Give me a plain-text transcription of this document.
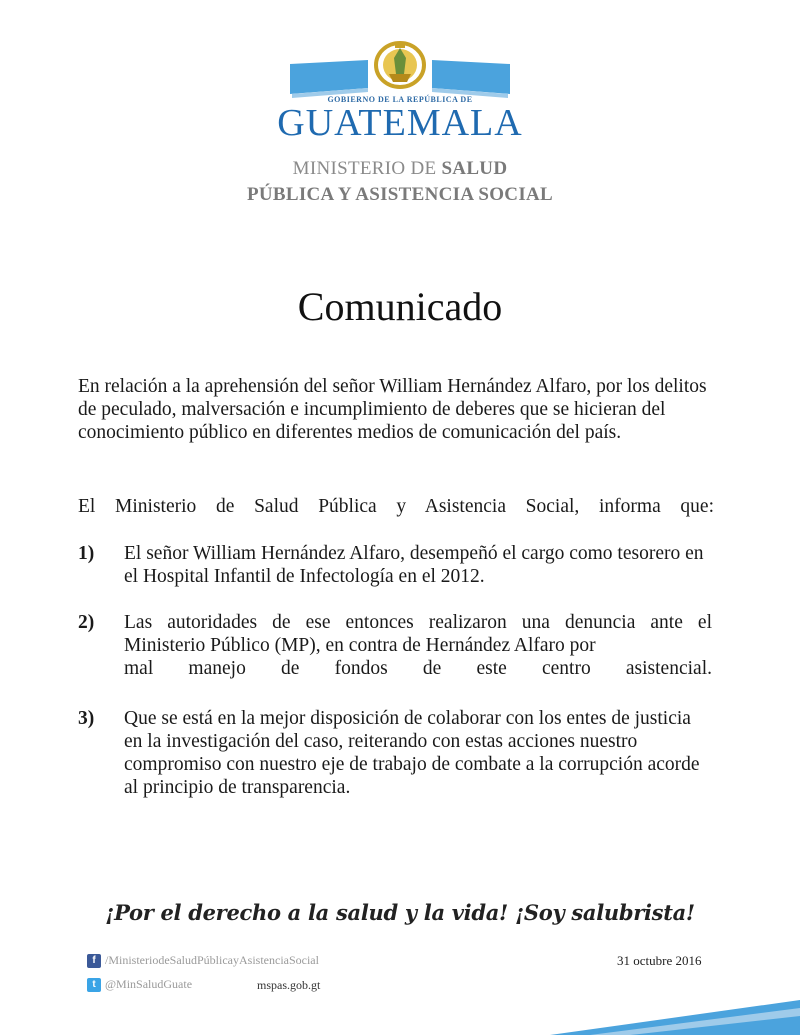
GOBIERNO DE LA REPÚBLICA DE
GUATEMALA
MINISTERIO DE SALUD
PÚBLICA Y ASISTENCIA SOCIAL
Comunicado
En relación a la aprehensión del señor William Hernández Alfaro, por los delitos de peculado, malversación e incumplimiento de deberes que se hicieran del conocimiento público en diferentes medios de comunicación del país.
El Ministerio de Salud Pública y Asistencia Social, informa que:
1) El señor William Hernández Alfaro, desempeñó el cargo como tesorero en el Hospital Infantil de Infectología en el 2012.
2) Las autoridades de ese entonces realizaron una denuncia ante el
Ministerio Público (MP), en contra de Hernández Alfaro por
mal manejo de fondos de este centro asistencial.
3) Que se está en la mejor disposición de colaborar con los entes de justicia en la investigación del caso, reiterando con estas acciones nuestro compromiso con nuestro eje de trabajo de combate a la corrupción acorde al principio de transparencia.
¡Por el derecho a la salud y la vida! ¡Soy salubrista!
f /MinisteriodeSaludPúblicayAsistenciaSocial
t @MinSaludGuate	mspas.gob.gt
31 octubre 2016
